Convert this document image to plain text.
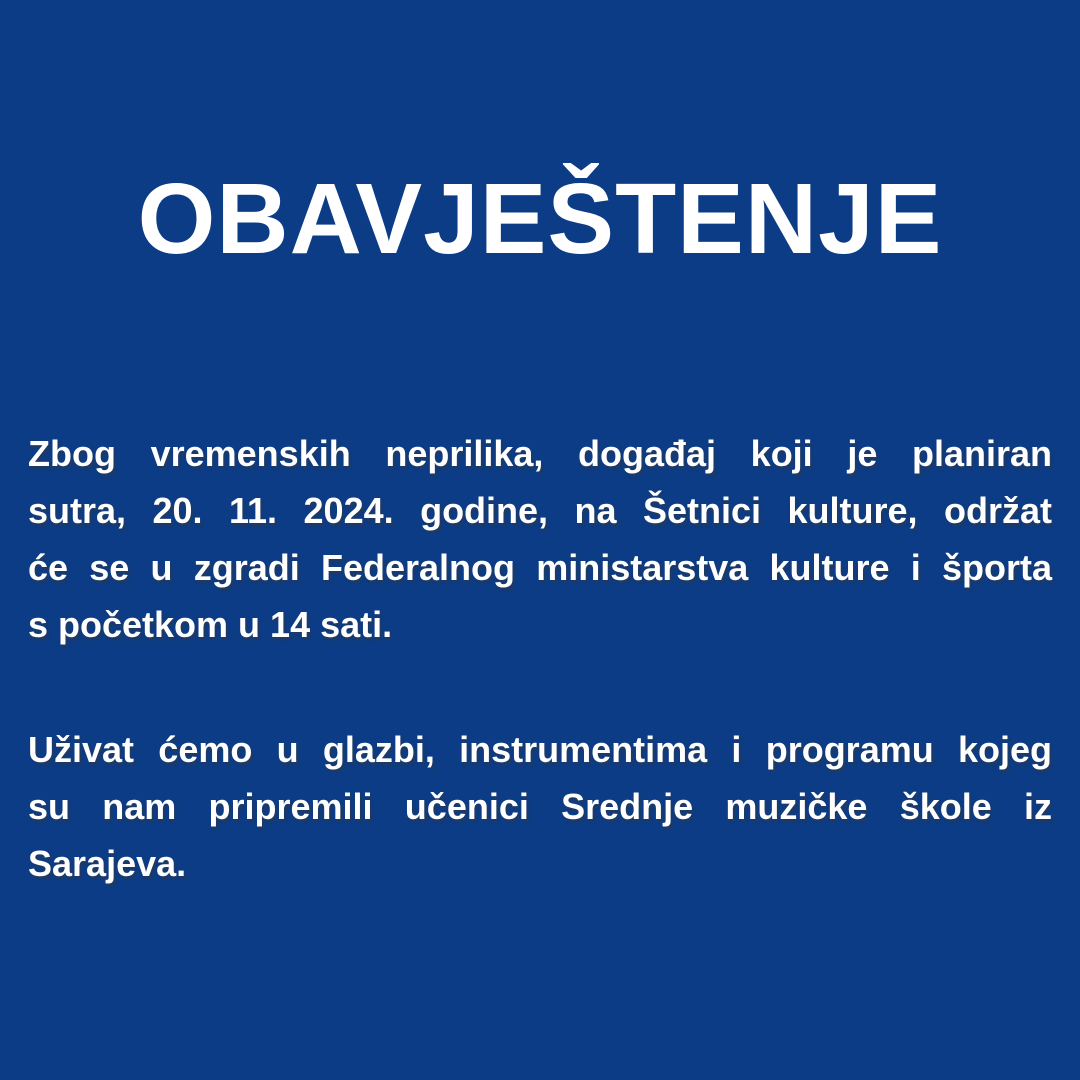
OBAVJEŠTENJE

Zbog vremenskih neprilika, događaj koji je planiran
sutra, 20. 11. 2024. godine, na Šetnici kulture, održat
će se u zgradi Federalnog ministarstva kulture i športa
s početkom u 14 sati.

Uživat ćemo u glazbi, instrumentima i programu kojeg
su nam pripremili učenici Srednje muzičke škole iz
Sarajeva.
